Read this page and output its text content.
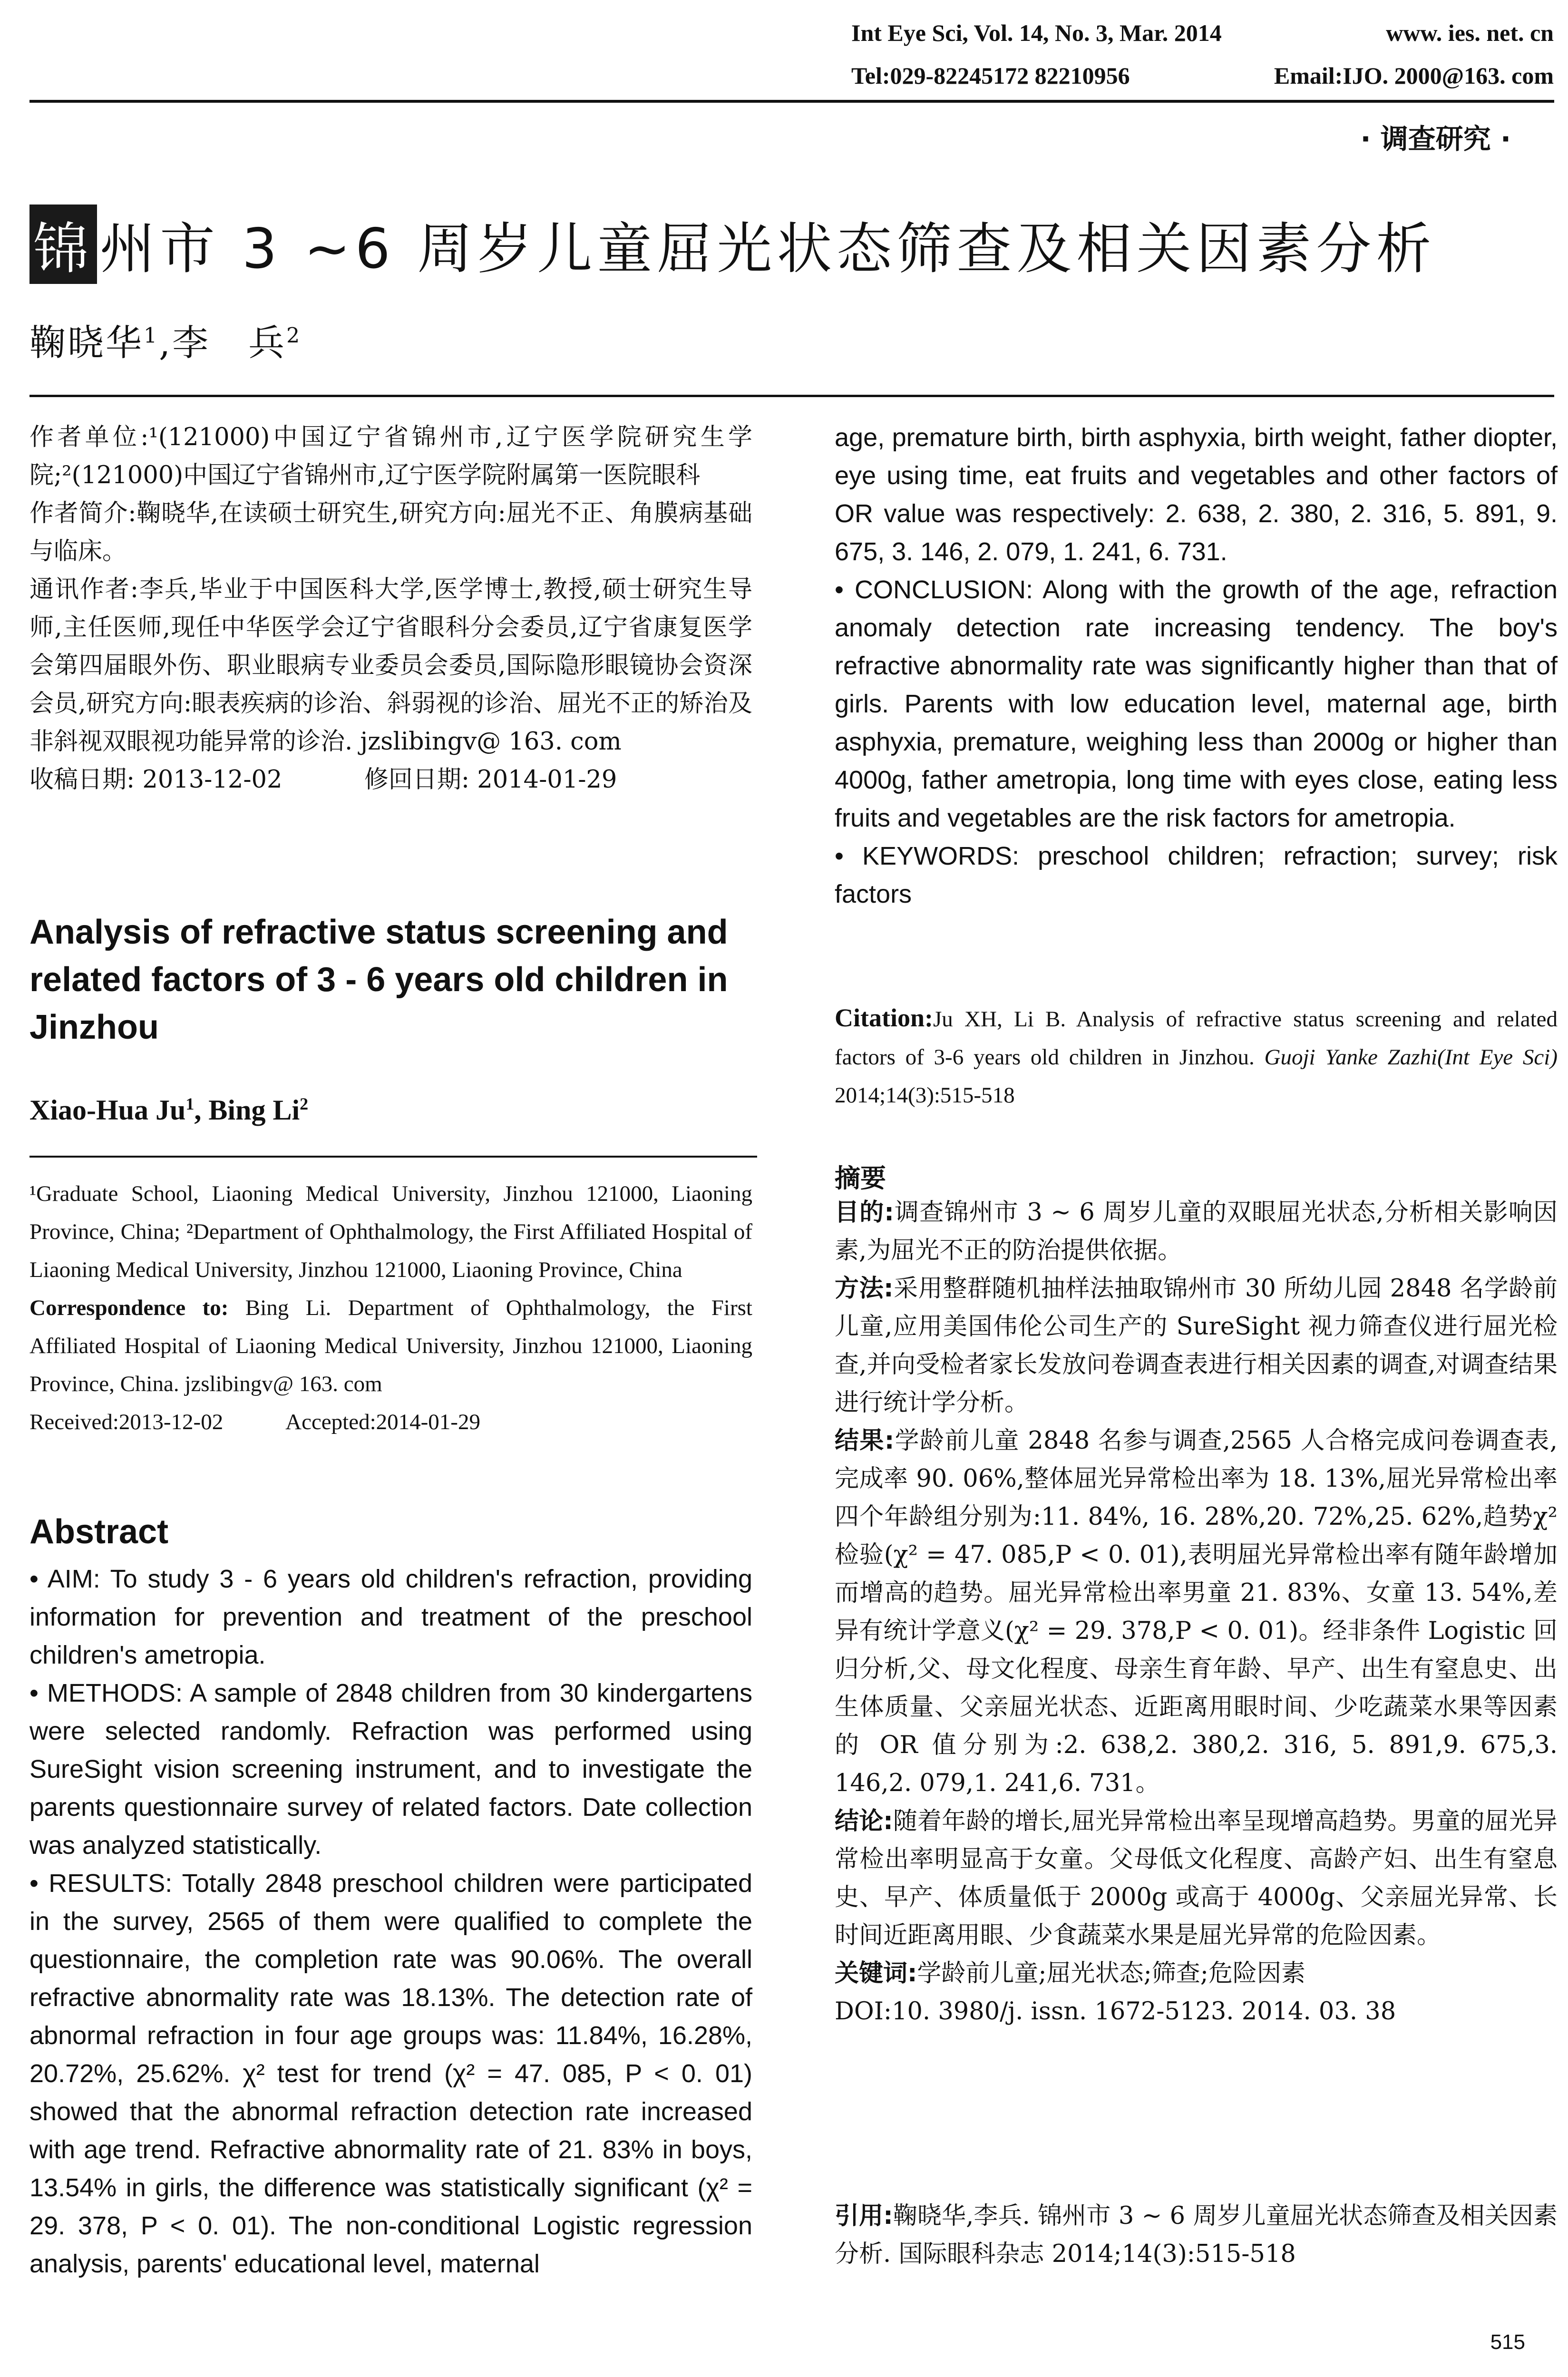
Int Eye Sci, Vol. 14, No. 3, Mar. 2014	www. ies. net. cn
Tel:029-82245172 82210956	Email:IJO. 2000@163. com
· 调查研究 ·
锦 州市 3 ~6 周岁儿童屈光状态筛查及相关因素分析
鞠晓华$^1$,李　兵$^2$

作者单位:¹(121000)中国辽宁省锦州市,辽宁医学院研究生学院;²(121000)中国辽宁省锦州市,辽宁医学院附属第一医院眼科

作者简介:鞠晓华,在读硕士研究生,研究方向:屈光不正、角膜病基础与临床。

通讯作者:李兵,毕业于中国医科大学,医学博士,教授,硕士研究生导师,主任医师,现任中华医学会辽宁省眼科分会委员,辽宁省康复医学会第四届眼外伤、职业眼病专业委员会委员,国际隐形眼镜协会资深会员,研究方向:眼表疾病的诊治、斜弱视的诊治、屈光不正的矫治及非斜视双眼视功能异常的诊治. jzslibingv@ 163. com

收稿日期: 2013-12-02	修回日期: 2014-01-29

Analysis of refractive status screening and related factors of 3 - 6 years old children in Jinzhou
Xiao-Hua Ju$^1$, Bing Li$^2$

¹Graduate School, Liaoning Medical University, Jinzhou 121000, Liaoning Province, China; ²Department of Ophthalmology, the First Affiliated Hospital of Liaoning Medical University, Jinzhou 121000, Liaoning Province, China

Correspondence to: Bing Li. Department of Ophthalmology, the First Affiliated Hospital of Liaoning Medical University, Jinzhou 121000, Liaoning Province, China. jzslibingv@ 163. com

Received:2013-12-02	Accepted:2014-01-29

Abstract

• AIM: To study 3 - 6 years old children's refraction, providing information for prevention and treatment of the preschool children's ametropia.

• METHODS: A sample of 2848 children from 30 kindergartens were selected randomly. Refraction was performed using SureSight vision screening instrument, and to investigate the parents questionnaire survey of related factors. Date collection was analyzed statistically.

• RESULTS: Totally 2848 preschool children were participated in the survey, 2565 of them were qualified to complete the questionnaire, the completion rate was 90.06%. The overall refractive abnormality rate was 18.13%. The detection rate of abnormal refraction in four age groups was: 11.84%, 16.28%, 20.72%, 25.62%. χ² test for trend (χ² = 47. 085, P < 0. 01) showed that the abnormal refraction detection rate increased with age trend. Refractive abnormality rate of 21. 83% in boys, 13.54% in girls, the difference was statistically significant (χ² = 29. 378, P < 0. 01). The non-conditional Logistic regression analysis, parents' educational level, maternal

age, premature birth, birth asphyxia, birth weight, father diopter, eye using time, eat fruits and vegetables and other factors of OR value was respectively: 2. 638, 2. 380, 2. 316, 5. 891, 9. 675, 3. 146, 2. 079, 1. 241, 6. 731.

• CONCLUSION: Along with the growth of the age, refraction anomaly detection rate increasing tendency. The boy's refractive abnormality rate was significantly higher than that of girls. Parents with low education level, maternal age, birth asphyxia, premature, weighing less than 2000g or higher than 4000g, father ametropia, long time with eyes close, eating less fruits and vegetables are the risk factors for ametropia.

• KEYWORDS: preschool children; refraction; survey; risk factors

Citation:Ju XH, Li B. Analysis of refractive status screening and related factors of 3-6 years old children in Jinzhou. Guoji Yanke Zazhi(Int Eye Sci) 2014;14(3):515-518

摘要

目的:调查锦州市 3 ~ 6 周岁儿童的双眼屈光状态,分析相关影响因素,为屈光不正的防治提供依据。

方法:采用整群随机抽样法抽取锦州市 30 所幼儿园 2848 名学龄前儿童,应用美国伟伦公司生产的 SureSight 视力筛查仪进行屈光检查,并向受检者家长发放问卷调查表进行相关因素的调查,对调查结果进行统计学分析。

结果:学龄前儿童 2848 名参与调查,2565 人合格完成问卷调查表,完成率 90. 06%,整体屈光异常检出率为 18. 13%,屈光异常检出率四个年龄组分别为:11. 84%, 16. 28%,20. 72%,25. 62%,趋势χ²检验(χ² = 47. 085,P < 0. 01),表明屈光异常检出率有随年龄增加而增高的趋势。屈光异常检出率男童 21. 83%、女童 13. 54%,差异有统计学意义(χ² = 29. 378,P < 0. 01)。经非条件 Logistic 回归分析,父、母文化程度、母亲生育年龄、早产、出生有窒息史、出生体质量、父亲屈光状态、近距离用眼时间、少吃蔬菜水果等因素的 OR 值分别为:2. 638,2. 380,2. 316, 5. 891,9. 675,3. 146,2. 079,1. 241,6. 731。

结论:随着年龄的增长,屈光异常检出率呈现增高趋势。男童的屈光异常检出率明显高于女童。父母低文化程度、高龄产妇、出生有窒息史、早产、体质量低于 2000g 或高于 4000g、父亲屈光异常、长时间近距离用眼、少食蔬菜水果是屈光异常的危险因素。

关键词:学龄前儿童;屈光状态;筛查;危险因素

DOI:10. 3980/j. issn. 1672-5123. 2014. 03. 38

引用:鞠晓华,李兵. 锦州市 3 ~ 6 周岁儿童屈光状态筛查及相关因素分析. 国际眼科杂志 2014;14(3):515-518

515
